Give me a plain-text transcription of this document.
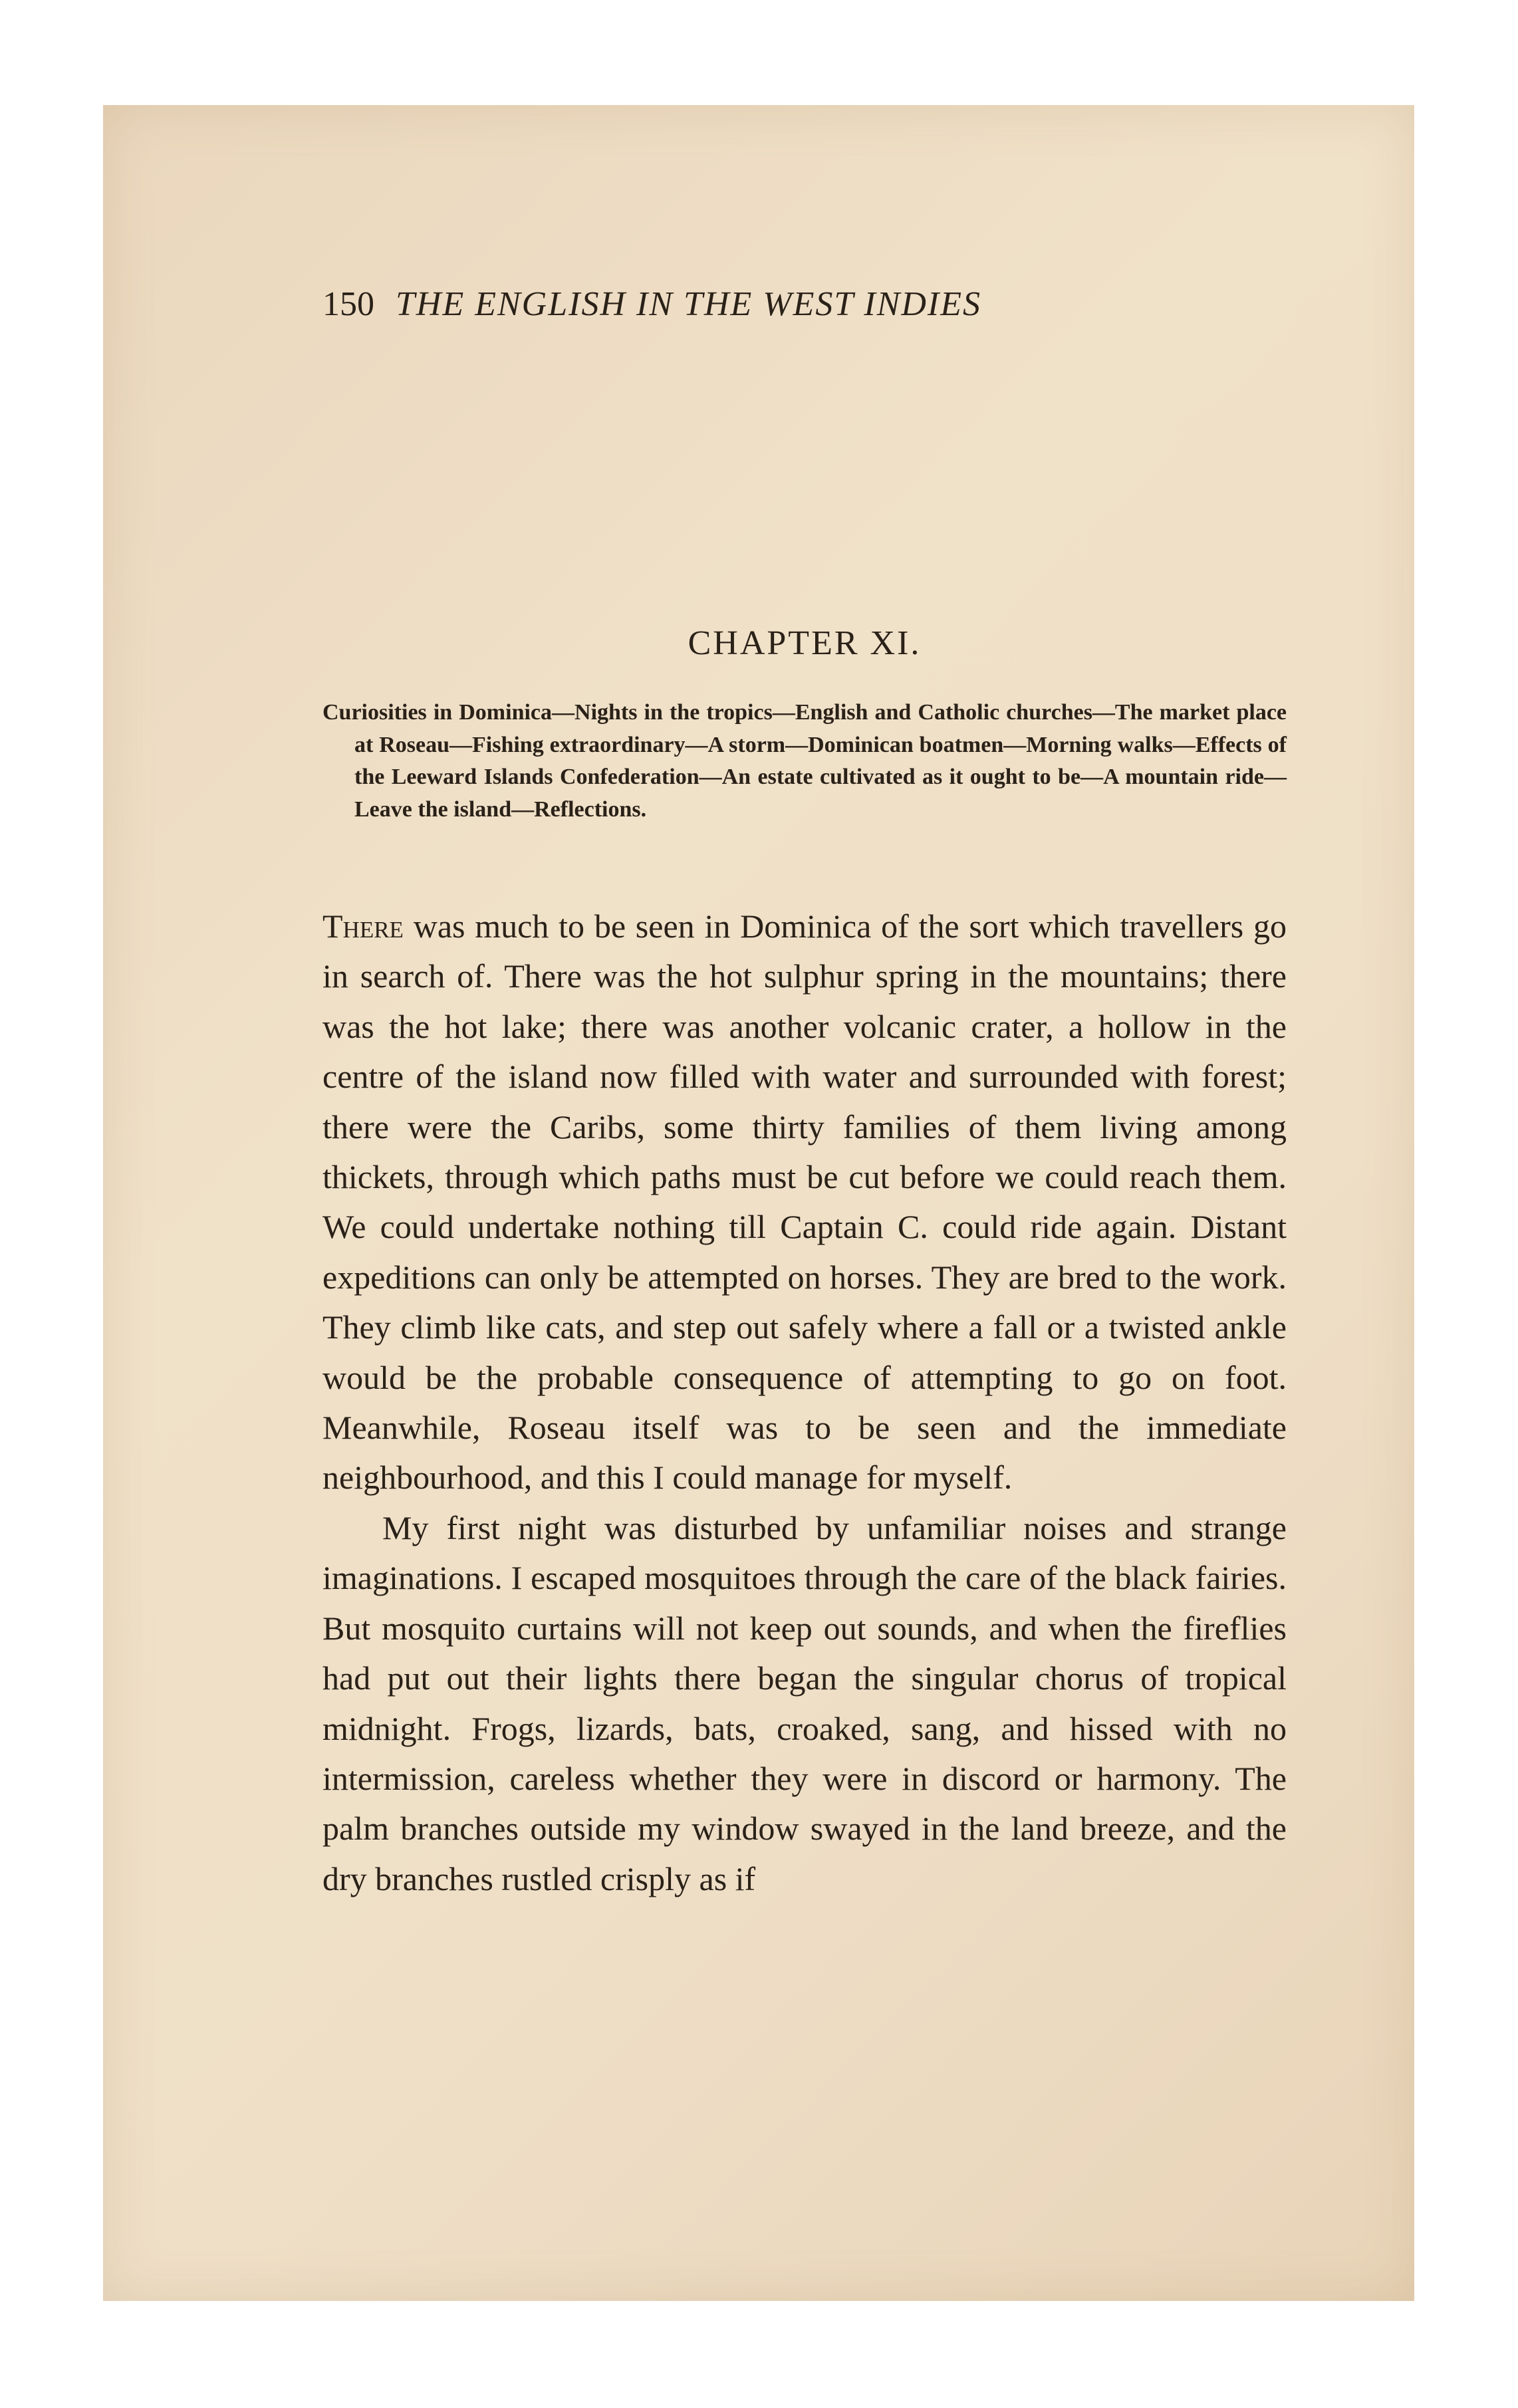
150 THE ENGLISH IN THE WEST INDIES
CHAPTER XI.
Curiosities in Dominica—Nights in the tropics—English and Catholic churches—The market place at Roseau—Fishing extraordinary—A storm—Dominican boatmen—Morning walks—Effects of the Leeward Islands Confederation—An estate cultivated as it ought to be—A mountain ride—Leave the island—Reflections.

There was much to be seen in Dominica of the sort which travellers go in search of. There was the hot sulphur spring in the mountains; there was the hot lake; there was another volcanic crater, a hollow in the centre of the island now filled with water and surrounded with forest; there were the Caribs, some thirty families of them living among thickets, through which paths must be cut before we could reach them. We could undertake nothing till Captain C. could ride again. Distant expeditions can only be attempted on horses. They are bred to the work. They climb like cats, and step out safely where a fall or a twisted ankle would be the probable consequence of attempting to go on foot. Meanwhile, Roseau itself was to be seen and the immediate neighbourhood, and this I could manage for myself.

My first night was disturbed by unfamiliar noises and strange imaginations. I escaped mosquitoes through the care of the black fairies. But mosquito curtains will not keep out sounds, and when the fireflies had put out their lights there began the singular chorus of tropical midnight. Frogs, lizards, bats, croaked, sang, and hissed with no intermission, careless whether they were in discord or harmony. The palm branches outside my window swayed in the land breeze, and the dry branches rustled crisply as if
